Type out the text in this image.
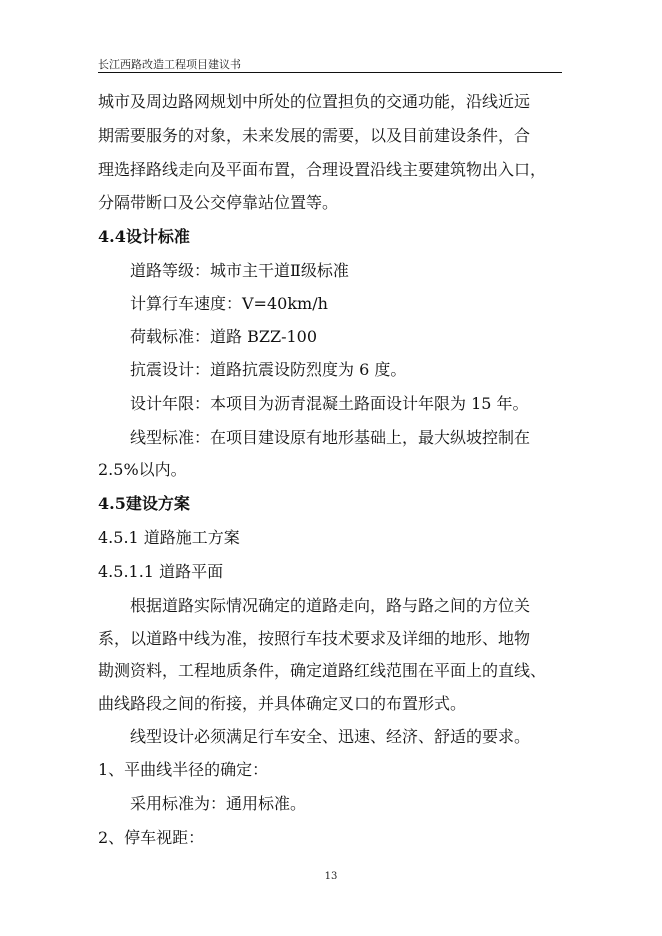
长江西路改造工程项目建议书
城市及周边路网规划中所处的位置担负的交通功能，沿线近远
期需要服务的对象，未来发展的需要，以及目前建设条件，合
理选择路线走向及平面布置，合理设置沿线主要建筑物出入口，
分隔带断口及公交停靠站位置等。
4.4设计标准
道路等级：城市主干道Ⅱ级标准
计算行车速度：V=40km/h
荷载标准：道路 BZZ-100
抗震设计：道路抗震设防烈度为 6 度。
设计年限：本项目为沥青混凝土路面设计年限为 15 年。
线型标准：在项目建设原有地形基础上，最大纵坡控制在
2.5%以内。
4.5建设方案
4.5.1 道路施工方案
4.5.1.1 道路平面
根据道路实际情况确定的道路走向，路与路之间的方位关
系，以道路中线为准，按照行车技术要求及详细的地形、地物
勘测资料，工程地质条件，确定道路红线范围在平面上的直线、
曲线路段之间的衔接，并具体确定叉口的布置形式。
线型设计必须满足行车安全、迅速、经济、舒适的要求。
1、平曲线半径的确定：
采用标准为：通用标准。
2、停车视距：
13
